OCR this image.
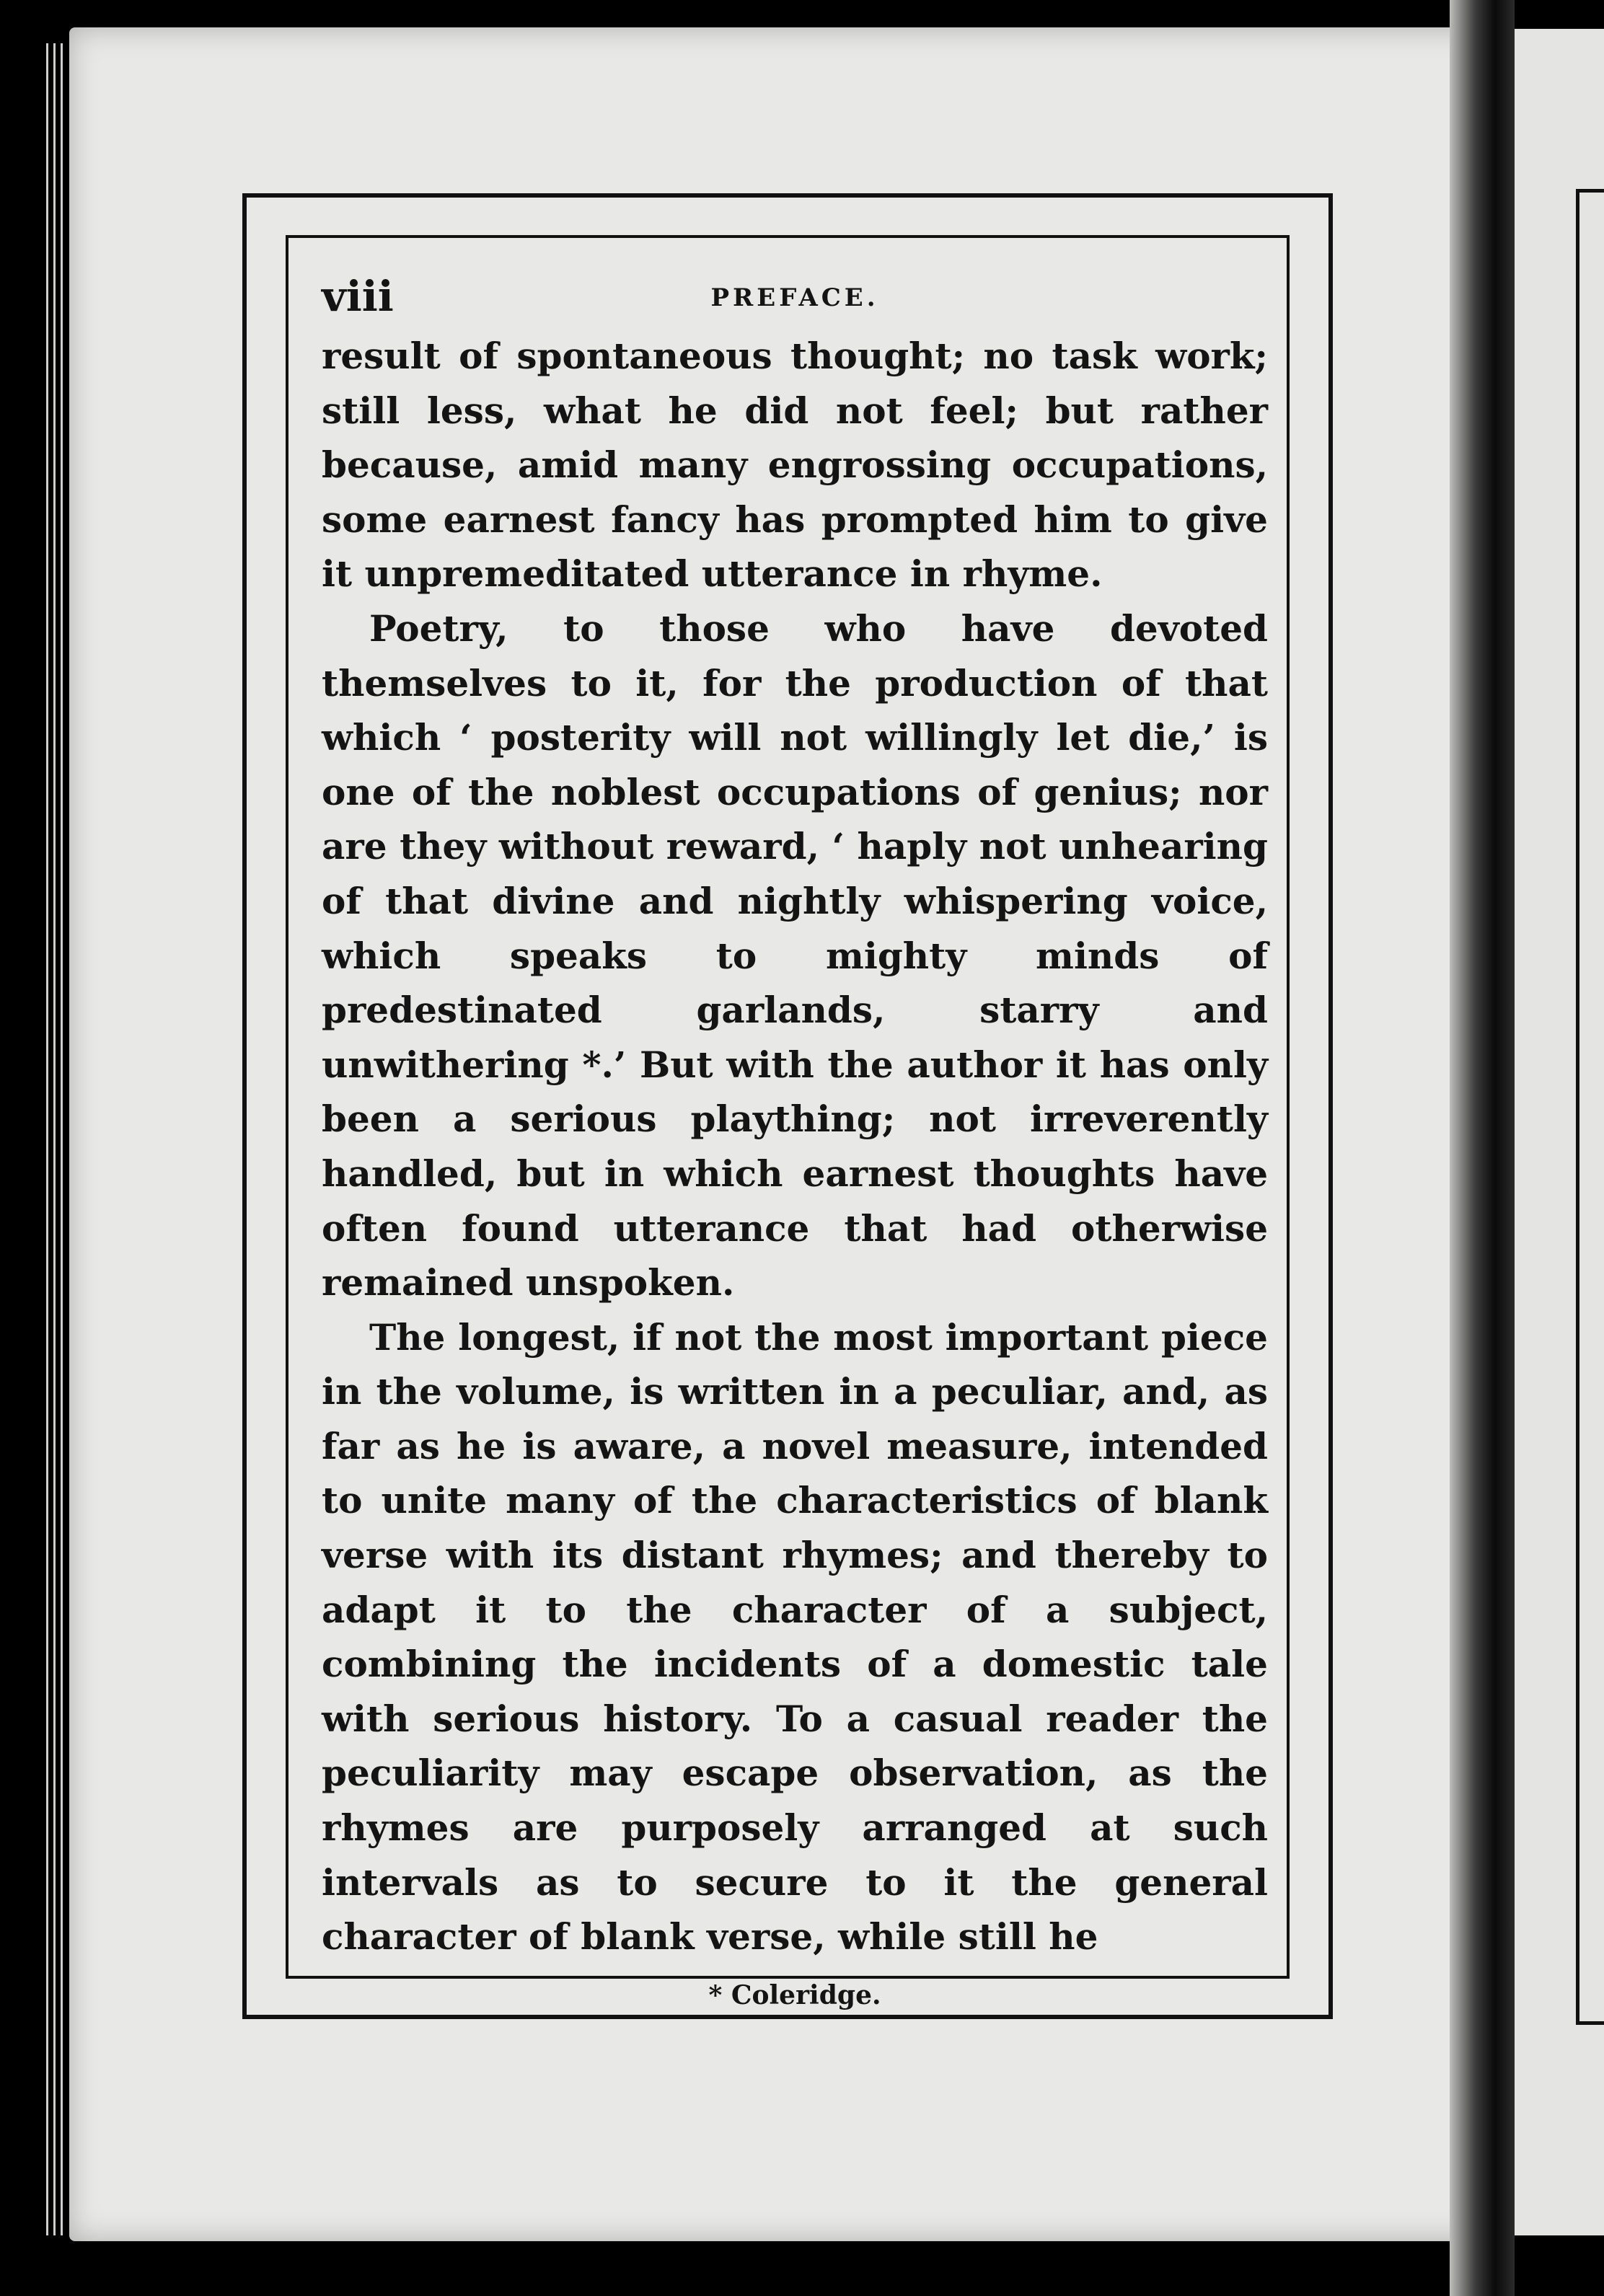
viii	PREFACE.

result of spontaneous thought; no task work; still less, what he did not feel; but rather because, amid many engrossing occupations, some earnest fancy has prompted him to give it unpremeditated utterance in rhyme.

Poetry, to those who have devoted themselves to it, for the production of that which ‘ posterity will not willingly let die,’ is one of the noblest occupations of genius; nor are they without reward, ‘ haply not unhearing of that divine and nightly whispering voice, which speaks to mighty minds of predestinated garlands, starry and unwithering *.’ But with the author it has only been a serious plaything; not irreverently handled, but in which earnest thoughts have often found utterance that had otherwise remained unspoken.

The longest, if not the most important piece in the volume, is written in a peculiar, and, as far as he is aware, a novel measure, intended to unite many of the characteristics of blank verse with its distant rhymes; and thereby to adapt it to the character of a subject, combining the incidents of a domestic tale with serious history. To a casual reader the peculiarity may escape observation, as the rhymes are purposely arranged at such intervals as to secure to it the general character of blank verse, while still he

* Coleridge.
